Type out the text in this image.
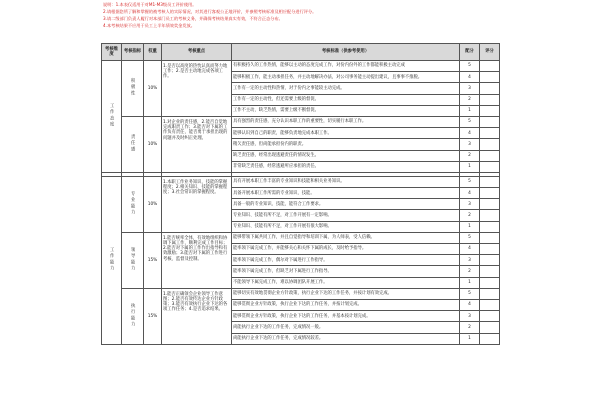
说明：1.本表仅适用于对M1-M3级员工评价使用。
2.请根据您所了解和掌握的被考核人的实际情况，对其进行客观公正地评价，并参照考核标准及相应配分进行评分。
3.请二级部门负责人履行对本部门员工的考核义务，并确保考核结果真实有效，不符合正态分布。
4.本考核结果不应用于员工上半年绩效奖金发放。
考核维度	考核指标	权重	考核重点	考核标准（供参考使用）	配分	评分
工作态度	积极性	10%	1.是否以高度的热忱认真而努力地工作；2.是否主动地完成各项工作。	有积极持久的工作热情，能够以主动的态度完成工作，对份内份外的工作都能积极主动完成	5	
				能够积极工作，能主动承担任务，并主动地解决办法，对公司事务能主动提出建议，且事事不推脱。	4	
				工作有一定的主动性和热情，对于份内之事能较主动完成。	3	
				工作有一定的主动性，但还需要上级的督促。	2	
				工作不主动，缺乏热情，需要上级不断督促。	1	
	责任感	10%	1.对企业的责任感，2.能否自觉地完成职责工作；3.能否对下属的工作负有责任，能否勇于承担出现的问题并及时纠正处理。	具有强烈的责任感，充分认识本职工作的重要性，切实履行本职工作。	5	
				能够认识到自己的职责，能够负责地完成本职工作。	4	
				稍欠责任感，但尚能承担份内的职责。	3	
				缺乏责任感，经常出现逃避责任的情况发生。	2	
				非常缺乏责任感，经常逃避所应承担的责任。	1	

工作能力	专业能力	10%	1.本职工作业务知识、技能的掌握程度；2.相关知识、技能的掌握程度；3.社会常识的掌握程度。	具有开展本职工作丰富的专业知识和技能和相关业务知识。	5	
				具备开展本职工作所需的专业知识、技能。	4	
				具备一般的专业知识、技能，能符合工作要求。	3	
				专业知识、技能有所不足，对工作开展有一定影响。	2	
				专业知识、技能有所不足，对工作开展有很大影响。	1	
	领导能力	15%	1.能否统率全体，有效地组织和协调下属工作，顺利完成工作目标；2.能否对下属的工作作出指导和有效激励；3.能否对下属的工作进行考核、监督及控制。	能够带领下属共同工作，并且自觉指导和培训下属，为人师表，受人信赖。	5	
				能率领下属完成工作，并能够关心和关怀下属的成长，及时给予指导。	4	
				能率领下属完成工作，偶尔对下属进行工作指导。	3	
				能率领下属完成工作，但缺乏对下属进行工作指导。	2	
				不能领导下属完成工作，难以协调团队开展工作。	1	
	执行能力	15%	1.能否正确领会企业领导工作意图；2.能否有效传达企业方针政策；3.能否有效执行企业下达的各项工作任务；4.是否追求结果。	能够切实有效地贯彻企业方针政策，执行企业下达的工作任务，并按计划有效完成。	5	
				能够贯彻企业方针政策，执行企业下达的工作任务，并按计划完成。	4	
				能够贯彻企业方针政策，执行企业下达的工作任务，并基本按计划完成。	3	
				尚能执行企业下达的工作任务，完成情况一般。	2	
				尚能执行企业下达的工作任务，完成情况较差。	1	
